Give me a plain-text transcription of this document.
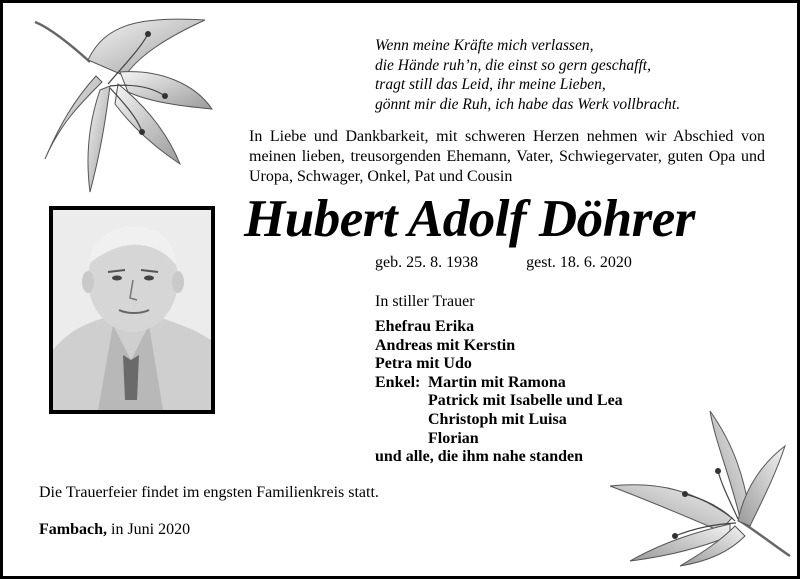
Wenn meine Kräfte mich verlassen,
die Hände ruh’n, die einst so gern geschafft,
tragt still das Leid, ihr meine Lieben,
gönnt mir die Ruh, ich habe das Werk vollbracht.
In Liebe und Dankbarkeit, mit schweren Herzen nehmen wir Abschied von meinen lieben, treusorgenden Ehemann, Vater, Schwiegervater, guten Opa und Uropa, Schwager, Onkel, Pat und Cousin
Hubert Adolf Döhrer
geb. 25. 8. 1938	gest. 18. 6. 2020
In stiller Trauer
Ehefrau Erika
Andreas mit Kerstin
Petra mit Udo
Enkel: Martin mit Ramona
Patrick mit Isabelle und Lea
Christoph mit Luisa
Florian
und alle, die ihm nahe standen
Die Trauerfeier findet im engsten Familienkreis statt.
Fambach, in Juni 2020
